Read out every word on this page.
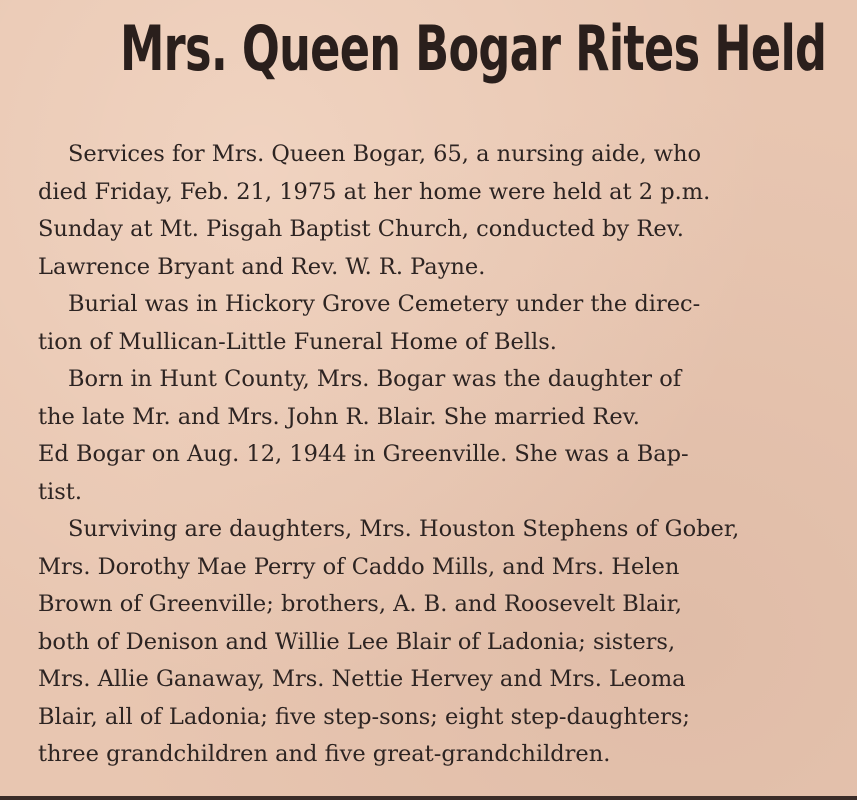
Mrs. Queen Bogar Rites Held
Services for Mrs. Queen Bogar, 65, a nursing aide, who
died Friday, Feb. 21, 1975 at her home were held at 2 p.m.
Sunday at Mt. Pisgah Baptist Church, conducted by Rev.
Lawrence Bryant and Rev. W. R. Payne.
Burial was in Hickory Grove Cemetery under the direc-
tion of Mullican-Little Funeral Home of Bells.
Born in Hunt County, Mrs. Bogar was the daughter of
the late Mr. and Mrs. John R. Blair. She married Rev.
Ed Bogar on Aug. 12, 1944 in Greenville. She was a Bap-
tist.
Surviving are daughters, Mrs. Houston Stephens of Gober,
Mrs. Dorothy Mae Perry of Caddo Mills, and Mrs. Helen
Brown of Greenville; brothers, A. B. and Roosevelt Blair,
both of Denison and Willie Lee Blair of Ladonia; sisters,
Mrs. Allie Ganaway, Mrs. Nettie Hervey and Mrs. Leoma
Blair, all of Ladonia; five step-sons; eight step-daughters;
three grandchildren and five great-grandchildren.
